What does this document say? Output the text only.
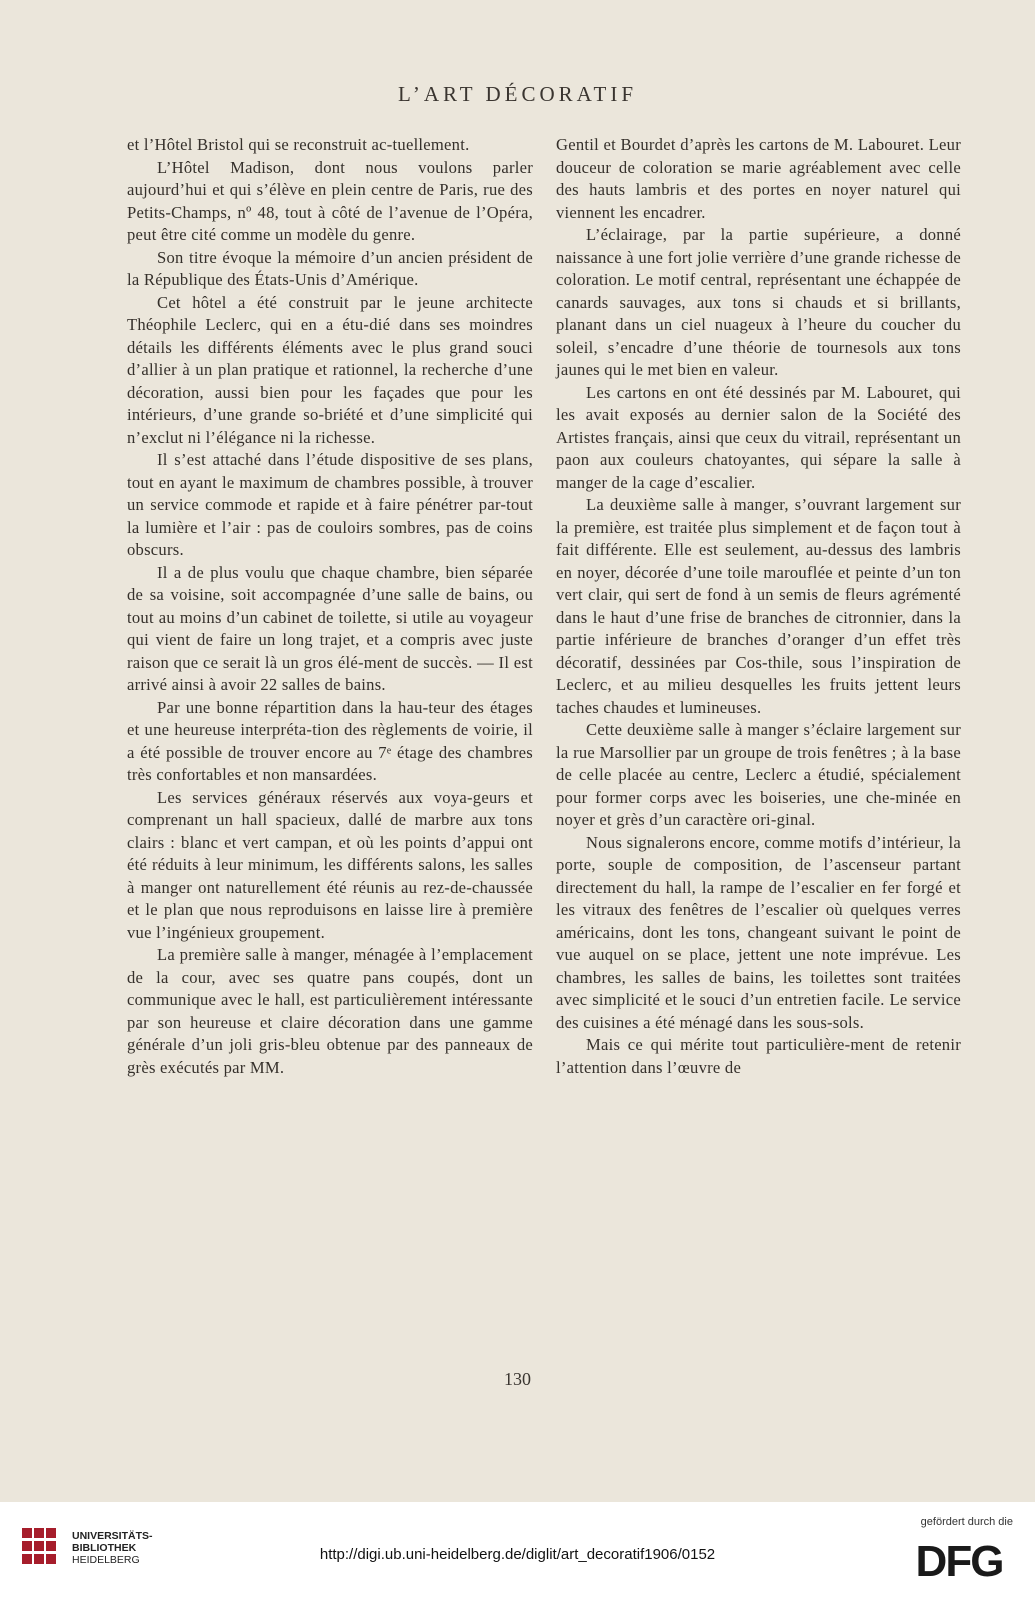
L’ART DÉCORATIF

et l’Hôtel Bristol qui se reconstruit ac-tuellement.

L’Hôtel Madison, dont nous voulons parler aujourd’hui et qui s’élève en plein centre de Paris, rue des Petits-Champs, nº 48, tout à côté de l’avenue de l’Opéra, peut être cité comme un modèle du genre.

Son titre évoque la mémoire d’un ancien président de la République des États-Unis d’Amérique.

Cet hôtel a été construit par le jeune architecte Théophile Leclerc, qui en a étu-dié dans ses moindres détails les différents éléments avec le plus grand souci d’allier à un plan pratique et rationnel, la recherche d’une décoration, aussi bien pour les façades que pour les intérieurs, d’une grande so-briété et d’une simplicité qui n’exclut ni l’élégance ni la richesse.

Il s’est attaché dans l’étude dispositive de ses plans, tout en ayant le maximum de chambres possible, à trouver un service commode et rapide et à faire pénétrer par-tout la lumière et l’air : pas de couloirs sombres, pas de coins obscurs.

Il a de plus voulu que chaque chambre, bien séparée de sa voisine, soit accompagnée d’une salle de bains, ou tout au moins d’un cabinet de toilette, si utile au voyageur qui vient de faire un long trajet, et a compris avec juste raison que ce serait là un gros élé-ment de succès. — Il est arrivé ainsi à avoir 22 salles de bains.

Par une bonne répartition dans la hau-teur des étages et une heureuse interpréta-tion des règlements de voirie, il a été possible de trouver encore au 7ᵉ étage des chambres très confortables et non mansardées.

Les services généraux réservés aux voya-geurs et comprenant un hall spacieux, dallé de marbre aux tons clairs : blanc et vert campan, et où les points d’appui ont été réduits à leur minimum, les différents salons, les salles à manger ont naturellement été réunis au rez-de-chaussée et le plan que nous reproduisons en laisse lire à première vue l’ingénieux groupement.

La première salle à manger, ménagée à l’emplacement de la cour, avec ses quatre pans coupés, dont un communique avec le hall, est particulièrement intéressante par son heureuse et claire décoration dans une gamme générale d’un joli gris-bleu obtenue par des panneaux de grès exécutés par MM.

Gentil et Bourdet d’après les cartons de M. Labouret. Leur douceur de coloration se marie agréablement avec celle des hauts lambris et des portes en noyer naturel qui viennent les encadrer.

L’éclairage, par la partie supérieure, a donné naissance à une fort jolie verrière d’une grande richesse de coloration. Le motif central, représentant une échappée de canards sauvages, aux tons si chauds et si brillants, planant dans un ciel nuageux à l’heure du coucher du soleil, s’encadre d’une théorie de tournesols aux tons jaunes qui le met bien en valeur.

Les cartons en ont été dessinés par M. Labouret, qui les avait exposés au dernier salon de la Société des Artistes français, ainsi que ceux du vitrail, représentant un paon aux couleurs chatoyantes, qui sépare la salle à manger de la cage d’escalier.

La deuxième salle à manger, s’ouvrant largement sur la première, est traitée plus simplement et de façon tout à fait différente. Elle est seulement, au-dessus des lambris en noyer, décorée d’une toile marouflée et peinte d’un ton vert clair, qui sert de fond à un semis de fleurs agrémenté dans le haut d’une frise de branches de citronnier, dans la partie inférieure de branches d’oranger d’un effet très décoratif, dessinées par Cos-thile, sous l’inspiration de Leclerc, et au milieu desquelles les fruits jettent leurs taches chaudes et lumineuses.

Cette deuxième salle à manger s’éclaire largement sur la rue Marsollier par un groupe de trois fenêtres ; à la base de celle placée au centre, Leclerc a étudié, spécialement pour former corps avec les boiseries, une che-minée en noyer et grès d’un caractère ori-ginal.

Nous signalerons encore, comme motifs d’intérieur, la porte, souple de composition, de l’ascenseur partant directement du hall, la rampe de l’escalier en fer forgé et les vitraux des fenêtres de l’escalier où quelques verres américains, dont les tons, changeant suivant le point de vue auquel on se place, jettent une note imprévue. Les chambres, les salles de bains, les toilettes sont traitées avec simplicité et le souci d’un entretien facile. Le service des cuisines a été ménagé dans les sous-sols.

Mais ce qui mérite tout particulière-ment de retenir l’attention dans l’œuvre de

130
UNIVERSITÄTS-
BIBLIOTHEK
HEIDELBERG	http://digi.ub.uni-heidelberg.de/diglit/art_decoratif1906/0152
gefördert durch die
DFG
